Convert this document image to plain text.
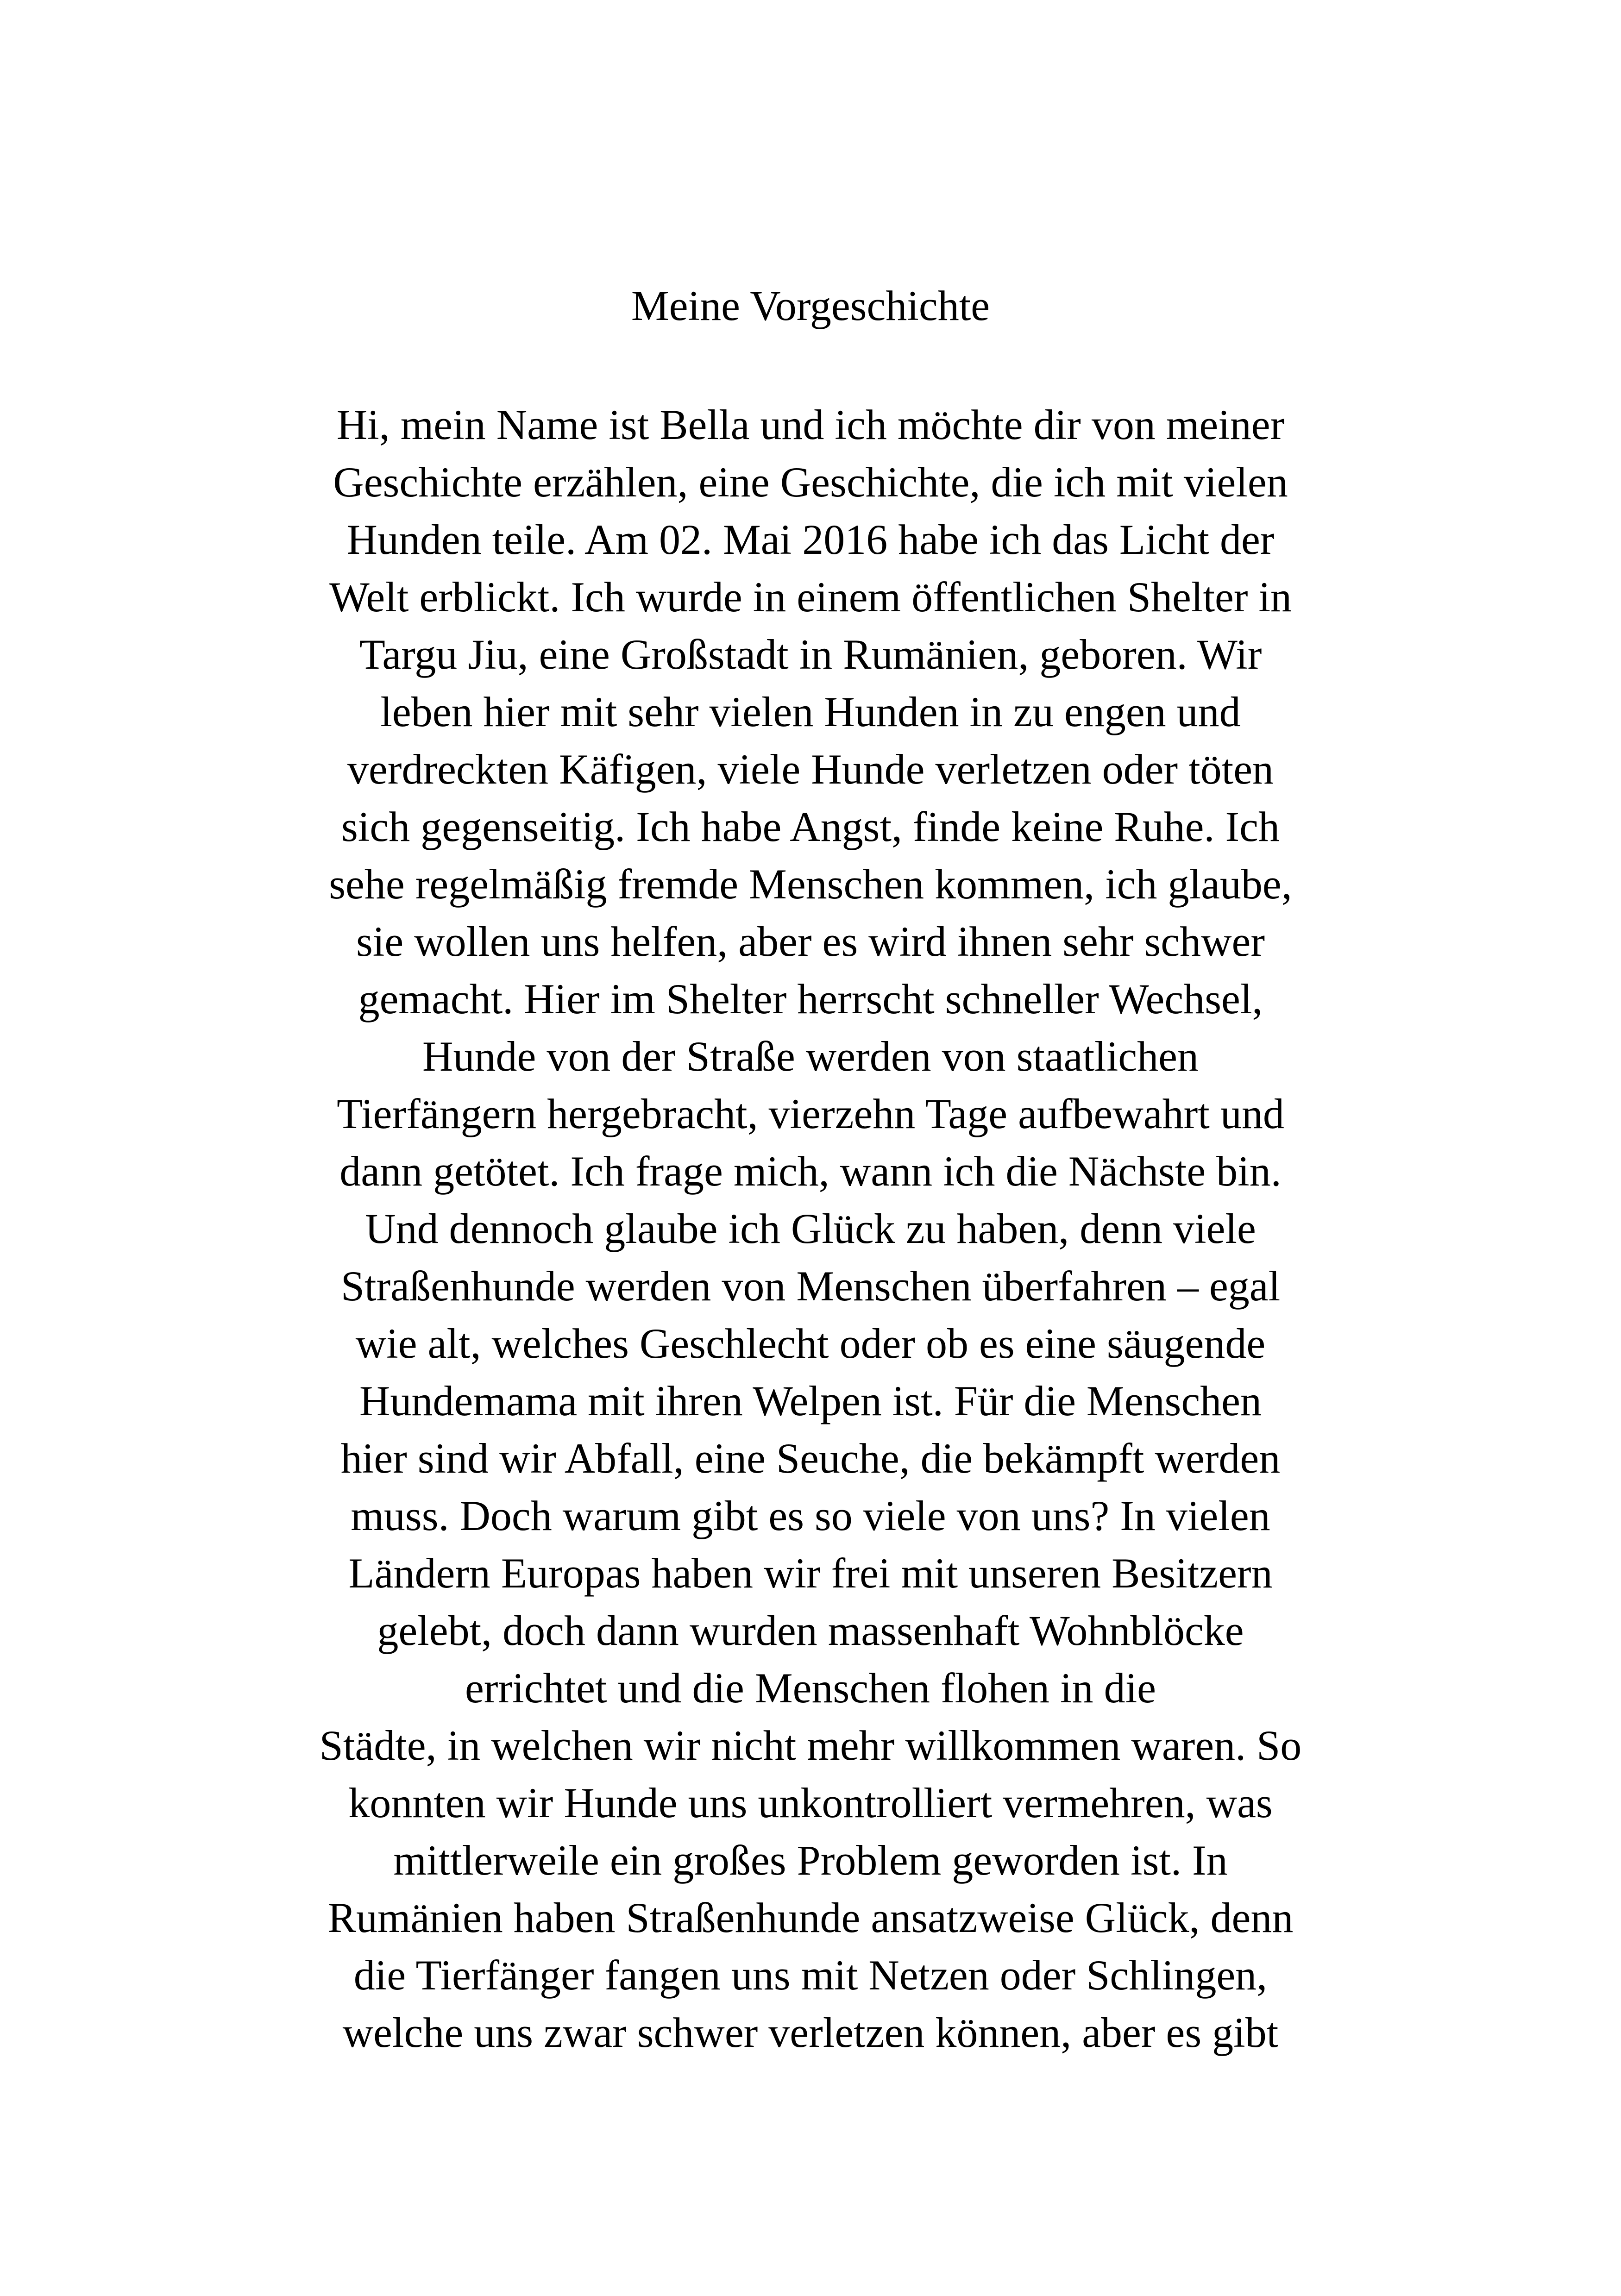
Meine Vorgeschichte
Hi, mein Name ist Bella und ich möchte dir von meiner
Geschichte erzählen, eine Geschichte, die ich mit vielen
Hunden teile. Am 02. Mai 2016 habe ich das Licht der
Welt erblickt. Ich wurde in einem öffentlichen Shelter in
Targu Jiu, eine Großstadt in Rumänien, geboren. Wir
leben hier mit sehr vielen Hunden in zu engen und
verdreckten Käfigen, viele Hunde verletzen oder töten
sich gegenseitig. Ich habe Angst, finde keine Ruhe. Ich
sehe regelmäßig fremde Menschen kommen, ich glaube,
sie wollen uns helfen, aber es wird ihnen sehr schwer
gemacht. Hier im Shelter herrscht schneller Wechsel,
Hunde von der Straße werden von staatlichen
Tierfängern hergebracht, vierzehn Tage aufbewahrt und
dann getötet. Ich frage mich, wann ich die Nächste bin.
Und dennoch glaube ich Glück zu haben, denn viele
Straßenhunde werden von Menschen überfahren – egal
wie alt, welches Geschlecht oder ob es eine säugende
Hundemama mit ihren Welpen ist. Für die Menschen
hier sind wir Abfall, eine Seuche, die bekämpft werden
muss. Doch warum gibt es so viele von uns? In vielen
Ländern Europas haben wir frei mit unseren Besitzern
gelebt, doch dann wurden massenhaft Wohnblöcke
errichtet und die Menschen flohen in die
Städte, in welchen wir nicht mehr willkommen waren. So
konnten wir Hunde uns unkontrolliert vermehren, was
mittlerweile ein großes Problem geworden ist. In
Rumänien haben Straßenhunde ansatzweise Glück, denn
die Tierfänger fangen uns mit Netzen oder Schlingen,
welche uns zwar schwer verletzen können, aber es gibt
